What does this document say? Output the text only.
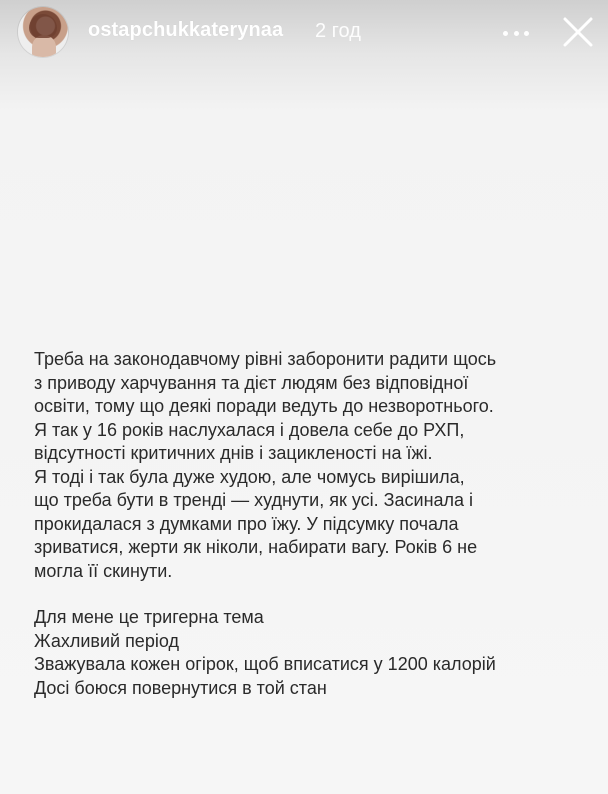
ostapchukkaterynaa 2 год

Треба на законодавчому рівні заборонити радити щось
з приводу харчування та дієт людям без відповідної
освіти, тому що деякі поради ведуть до незворотнього.
Я так у 16 років наслухалася і довела себе до РХП,
відсутності критичних днів і зацикленості на їжі.
Я тоді і так була дуже худою, але чомусь вирішила,
що треба бути в тренді — худнути, як усі. Засинала і
прокидалася з думками про їжу. У підсумку почала
зриватися, жерти як ніколи, набирати вагу. Років 6 не
могла її скинути.

Для мене це тригерна тема
Жахливий період
Зважувала кожен огірок, щоб вписатися у 1200 калорій
Досі боюся повернутися в той стан
